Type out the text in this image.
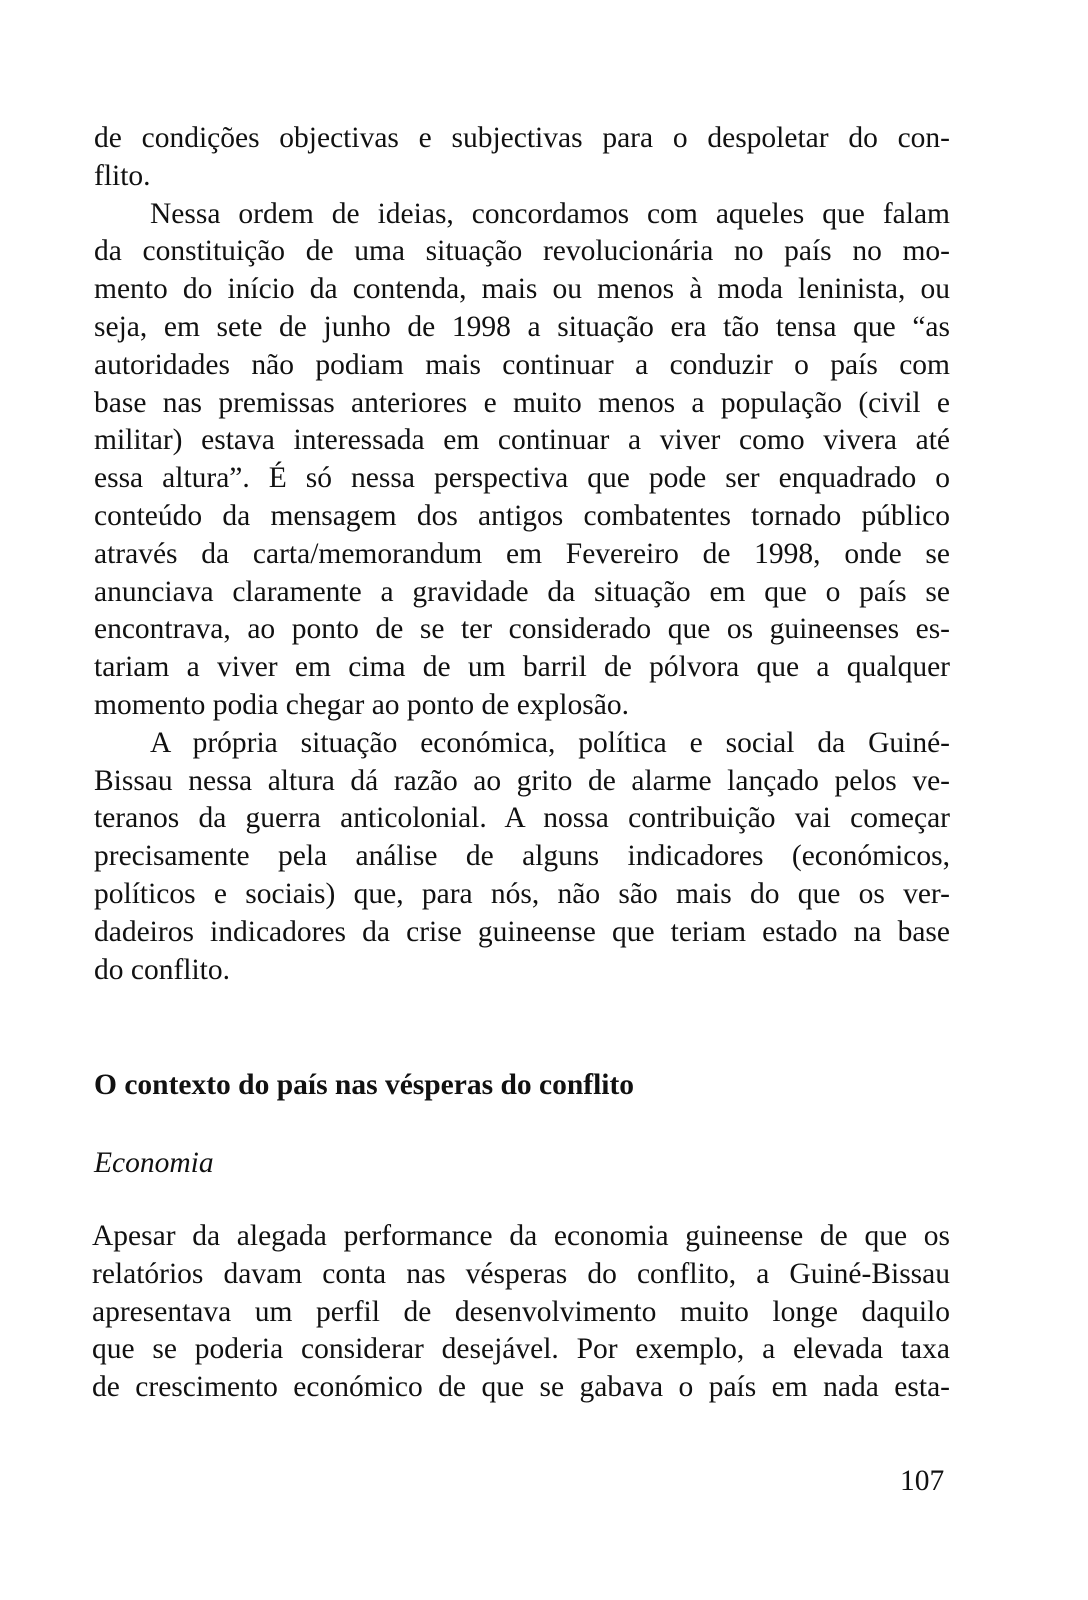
de condições objectivas e subjectivas para o despoletar do con-
flito.
Nessa ordem de ideias, concordamos com aqueles que falam
da constituição de uma situação revolucionária no país no mo-
mento do início da contenda, mais ou menos à moda leninista, ou
seja, em sete de junho de 1998 a situação era tão tensa que “as
autoridades não podiam mais continuar a conduzir o país com
base nas premissas anteriores e muito menos a população (civil e
militar) estava interessada em continuar a viver como vivera até
essa altura”. É só nessa perspectiva que pode ser enquadrado o
conteúdo da mensagem dos antigos combatentes tornado público
através da carta/memorandum em Fevereiro de 1998, onde se
anunciava claramente a gravidade da situação em que o país se
encontrava, ao ponto de se ter considerado que os guineenses es-
tariam a viver em cima de um barril de pólvora que a qualquer
momento podia chegar ao ponto de explosão.
A própria situação económica, política e social da Guiné-
Bissau nessa altura dá razão ao grito de alarme lançado pelos ve-
teranos da guerra anticolonial. A nossa contribuição vai começar
precisamente pela análise de alguns indicadores (económicos,
políticos e sociais) que, para nós, não são mais do que os ver-
dadeiros indicadores da crise guineense que teriam estado na base
do conflito.
O contexto do país nas vésperas do conflito
Economia
Apesar da alegada performance da economia guineense de que os
relatórios davam conta nas vésperas do conflito, a Guiné-Bissau
apresentava um perfil de desenvolvimento muito longe daquilo
que se poderia considerar desejável. Por exemplo, a elevada taxa
de crescimento económico de que se gabava o país em nada esta-
107
